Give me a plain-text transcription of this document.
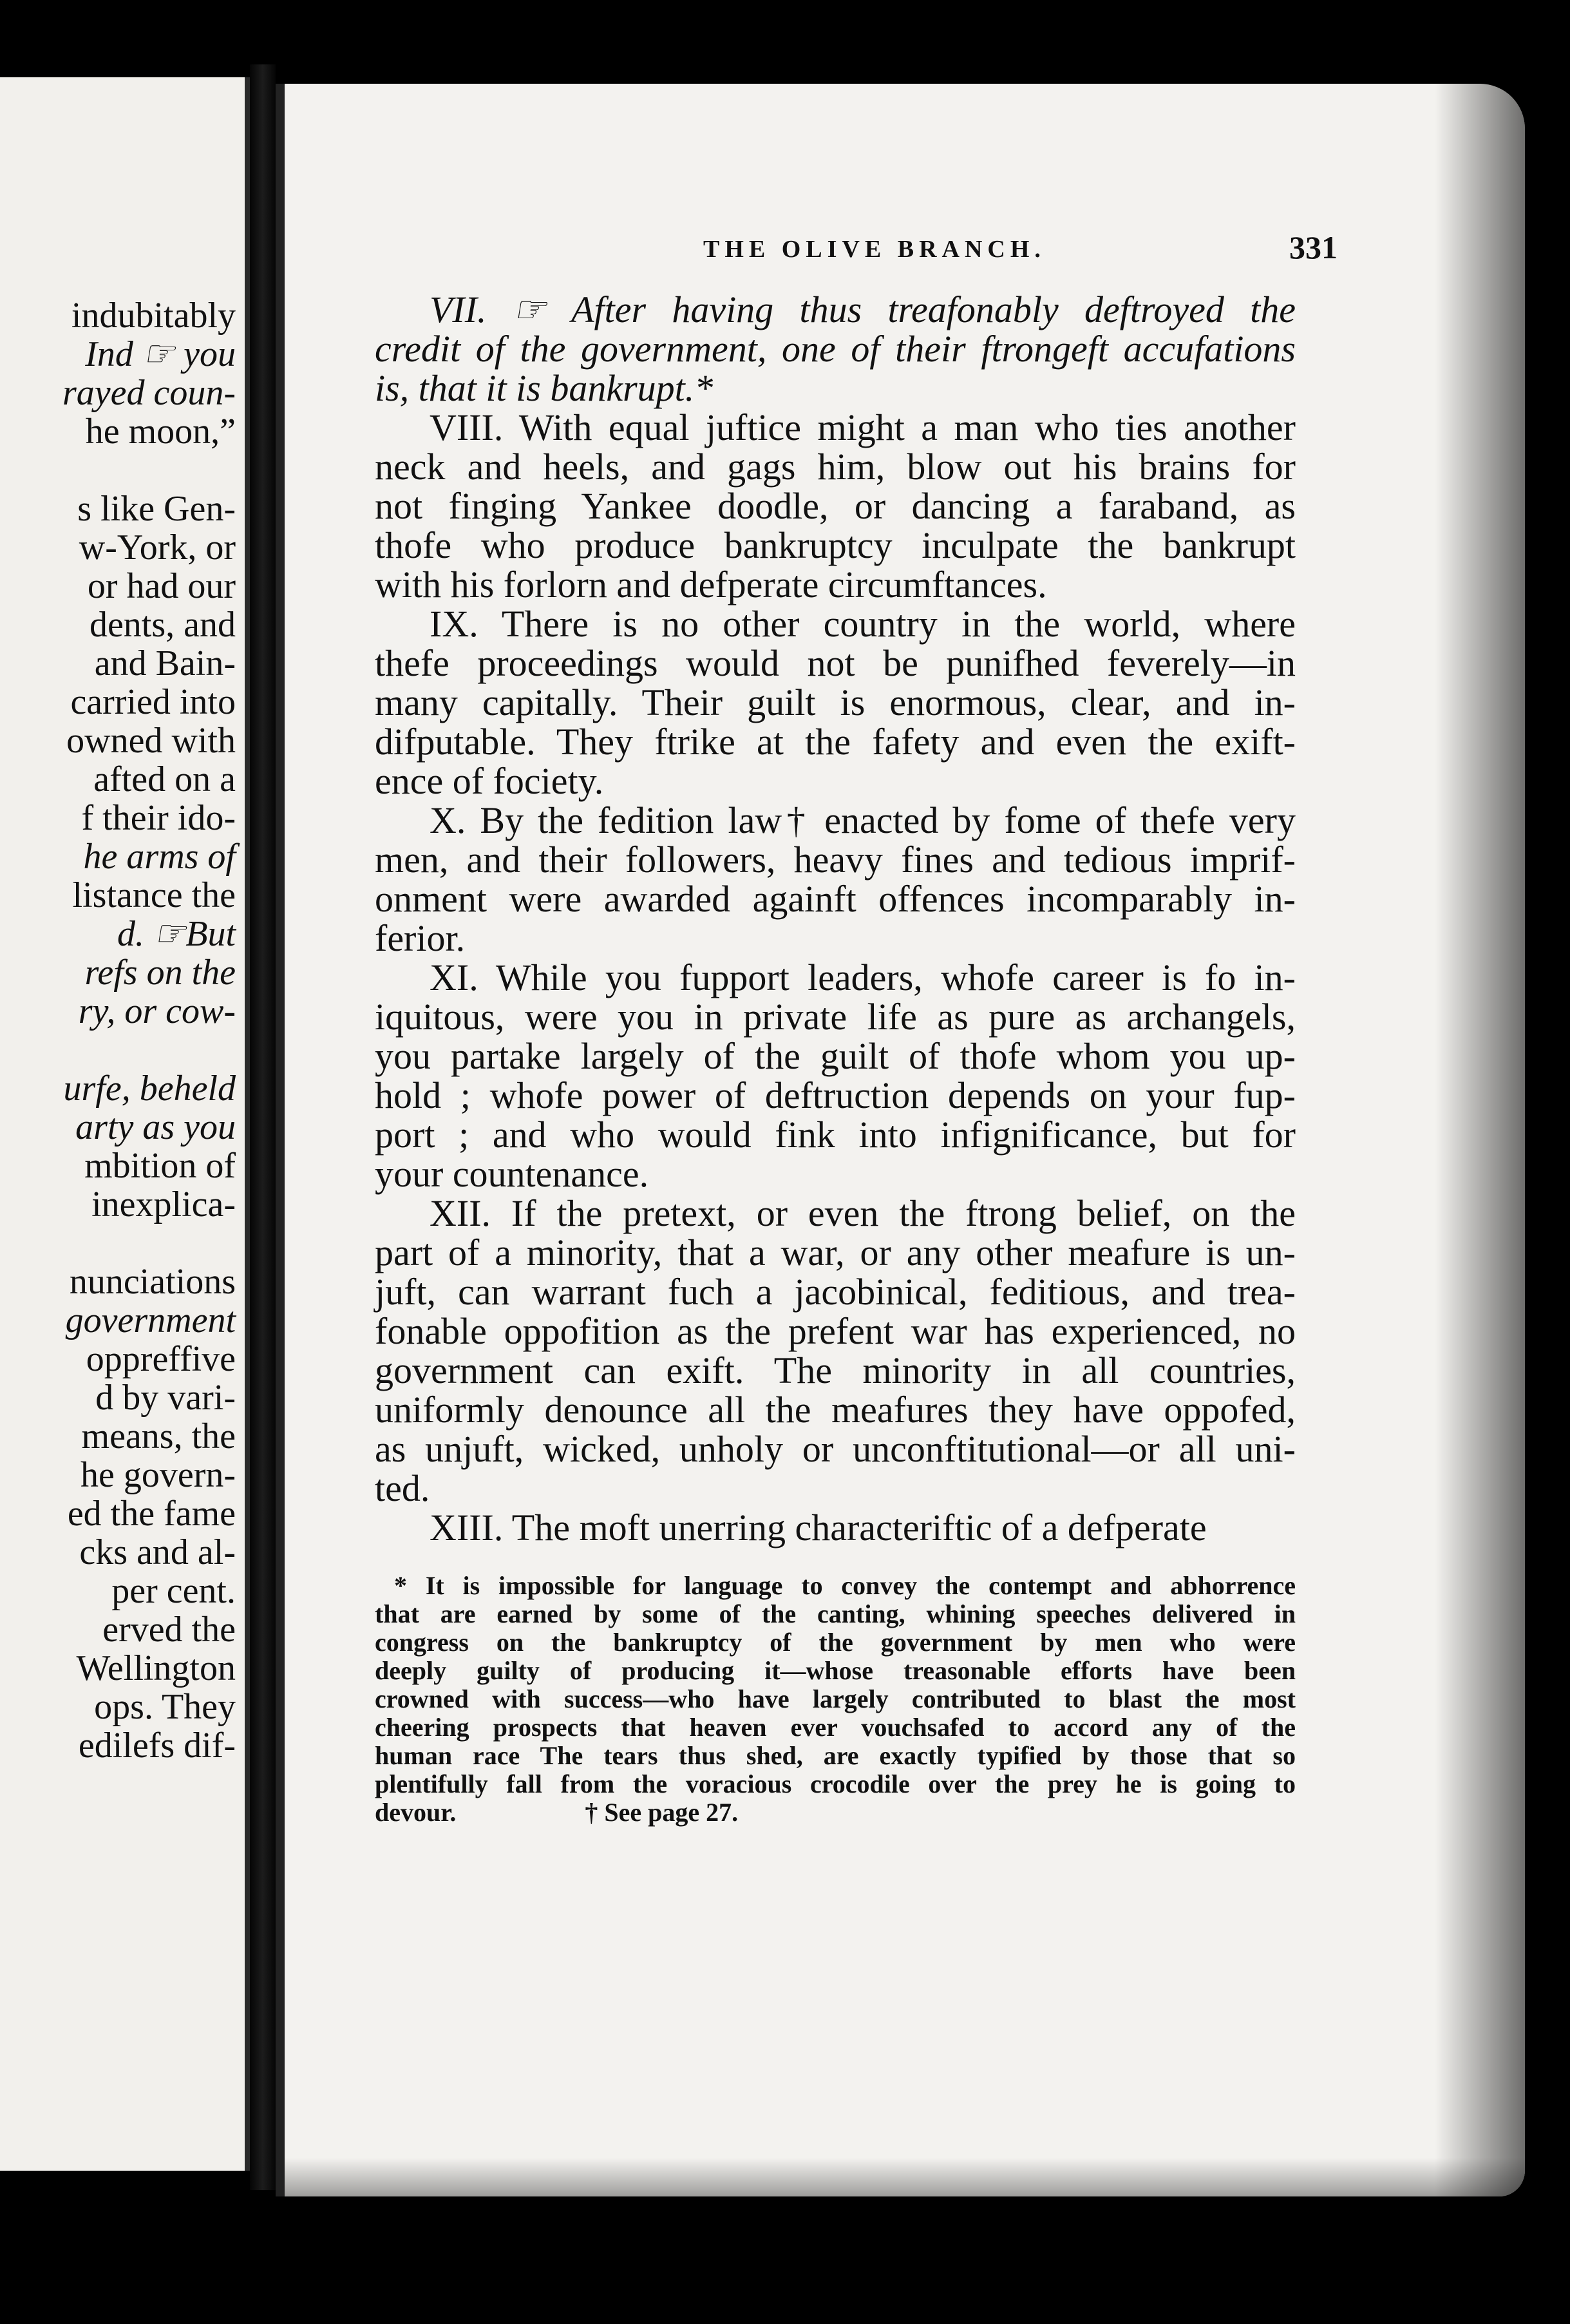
indubitably
Ind ☞ you
rayed coun-
he moon,”
s like Gen-
w-York, or
or had our
dents, and
and Bain-
carried into
owned with
afted on a
f their ido-
he arms of
listance the
d. ☞But
refs on the
ry, or cow-
urfe, beheld
arty as you
mbition of
inexplica-
nunciations
government
oppreffive
d by vari-
means, the
he govern-
ed the fame
cks and al-
per cent.
erved the
Wellington
ops. They
edilefs dif-
THE OLIVE BRANCH.	331
VII. ☞ After having thus treafonably deftroyed the
credit of the government, one of their ftrongeft accufations
is, that it is bankrupt.*
VIII. With equal juftice might a man who ties another
neck and heels, and gags him, blow out his brains for
not finging Yankee doodle, or dancing a faraband, as
thofe who produce bankruptcy inculpate the bankrupt
with his forlorn and defperate circumftances.
IX. There is no other country in the world, where
thefe proceedings would not be punifhed feverely—in
many capitally. Their guilt is enormous, clear, and in-
difputable. They ftrike at the fafety and even the exift-
ence of fociety.
X. By the fedition law† enacted by fome of thefe very
men, and their followers, heavy fines and tedious imprif-
onment were awarded againft offences incomparably in-
ferior.
XI. While you fupport leaders, whofe career is fo in-
iquitous, were you in private life as pure as archangels,
you partake largely of the guilt of thofe whom you up-
hold ; whofe power of deftruction depends on your fup-
port ; and who would fink into infignificance, but for
your countenance.
XII. If the pretext, or even the ftrong belief, on the
part of a minority, that a war, or any other meafure is un-
juft, can warrant fuch a jacobinical, feditious, and trea-
fonable oppofition as the prefent war has experienced, no
government can exift. The minority in all countries,
uniformly denounce all the meafures they have oppofed,
as unjuft, wicked, unholy or unconftitutional—or all uni-
ted.
XIII. The moft unerring characteriftic of a defperate
* It is impossible for language to convey the contempt and abhorrence
that are earned by some of the canting, whining speeches delivered in
congress on the bankruptcy of the government by men who were
deeply guilty of producing it—whose treasonable efforts have been
crowned with success—who have largely contributed to blast the most
cheering prospects that heaven ever vouchsafed to accord any of the
human race The tears thus shed, are exactly typified by those that so
plentifully fall from the voracious crocodile over the prey he is going to
devour.                    † See page 27.
